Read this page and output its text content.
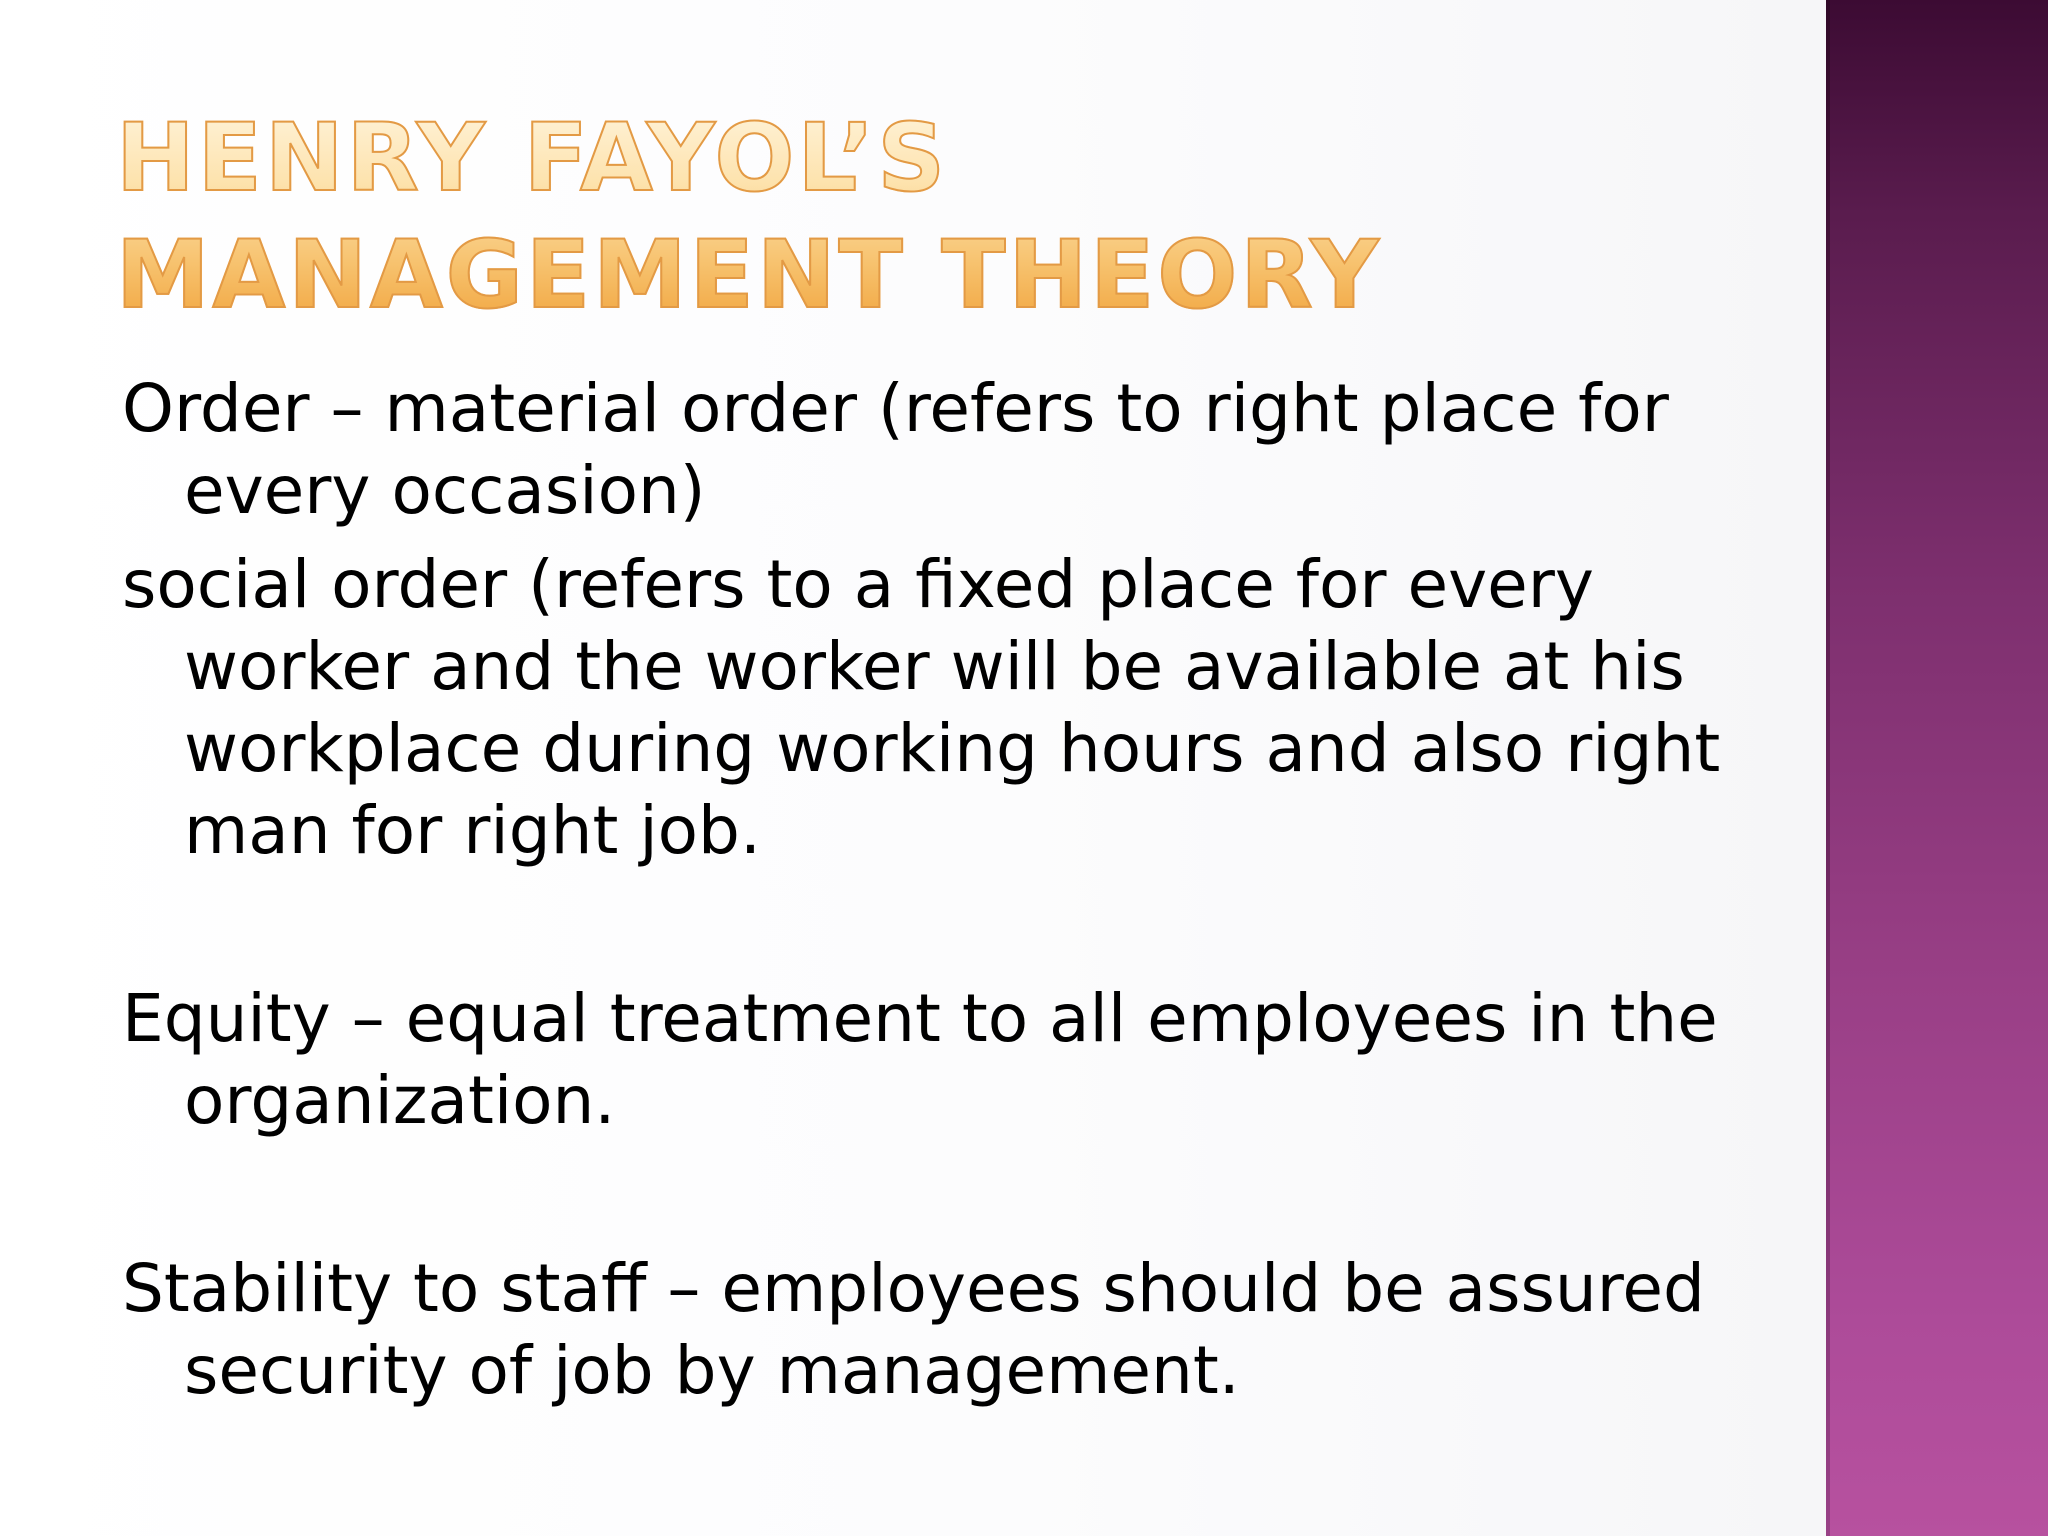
HENRY FAYOL’S MANAGEMENT THEORY

Order – material order (refers to right place for every occasion)

social order (refers to a fixed place for every worker and the worker will be available at his workplace during working hours and also right man for right job.

Equity – equal treatment to all employees in the organization.

Stability to staff – employees should be assured security of job by management.
